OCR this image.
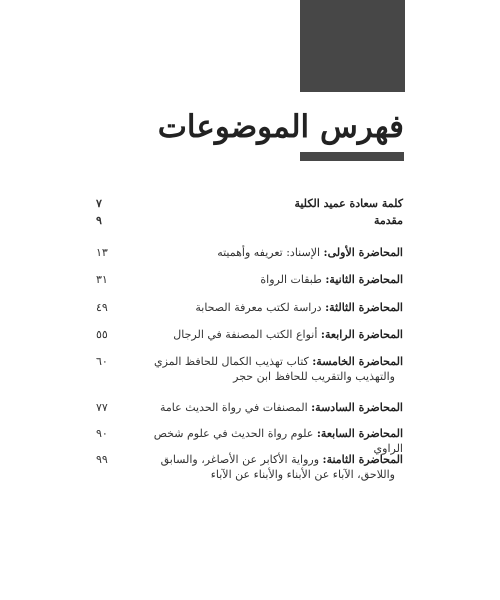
فهرس الموضوعات
كلمة سعادة عميد الكلية
٧
مقدمة
٩
المحاضرة الأولى: الإسناد: تعريفه وأهميته
١٣
المحاضرة الثانية: طبقات الرواة
٣١
المحاضرة الثالثة: دراسة لكتب معرفة الصحابة
٤٩
المحاضرة الرابعة: أنواع الكتب المصنفة في الرجال
٥٥
المحاضرة الخامسة: كتاب تهذيب الكمال للحافظ المزي
والتهذيب والتقريب للحافظ ابن حجر
٦٠
المحاضرة السادسة: المصنفات في رواة الحديث عامة
٧٧
المحاضرة السابعة: علوم رواة الحديث في علوم شخص الراوي
٩٠
المحاضرة الثامنة: ورواية الأكابر عن الأصاغر، والسابق
واللاحق، الآباء عن الأبناء والأبناء عن الآباء
٩٩
